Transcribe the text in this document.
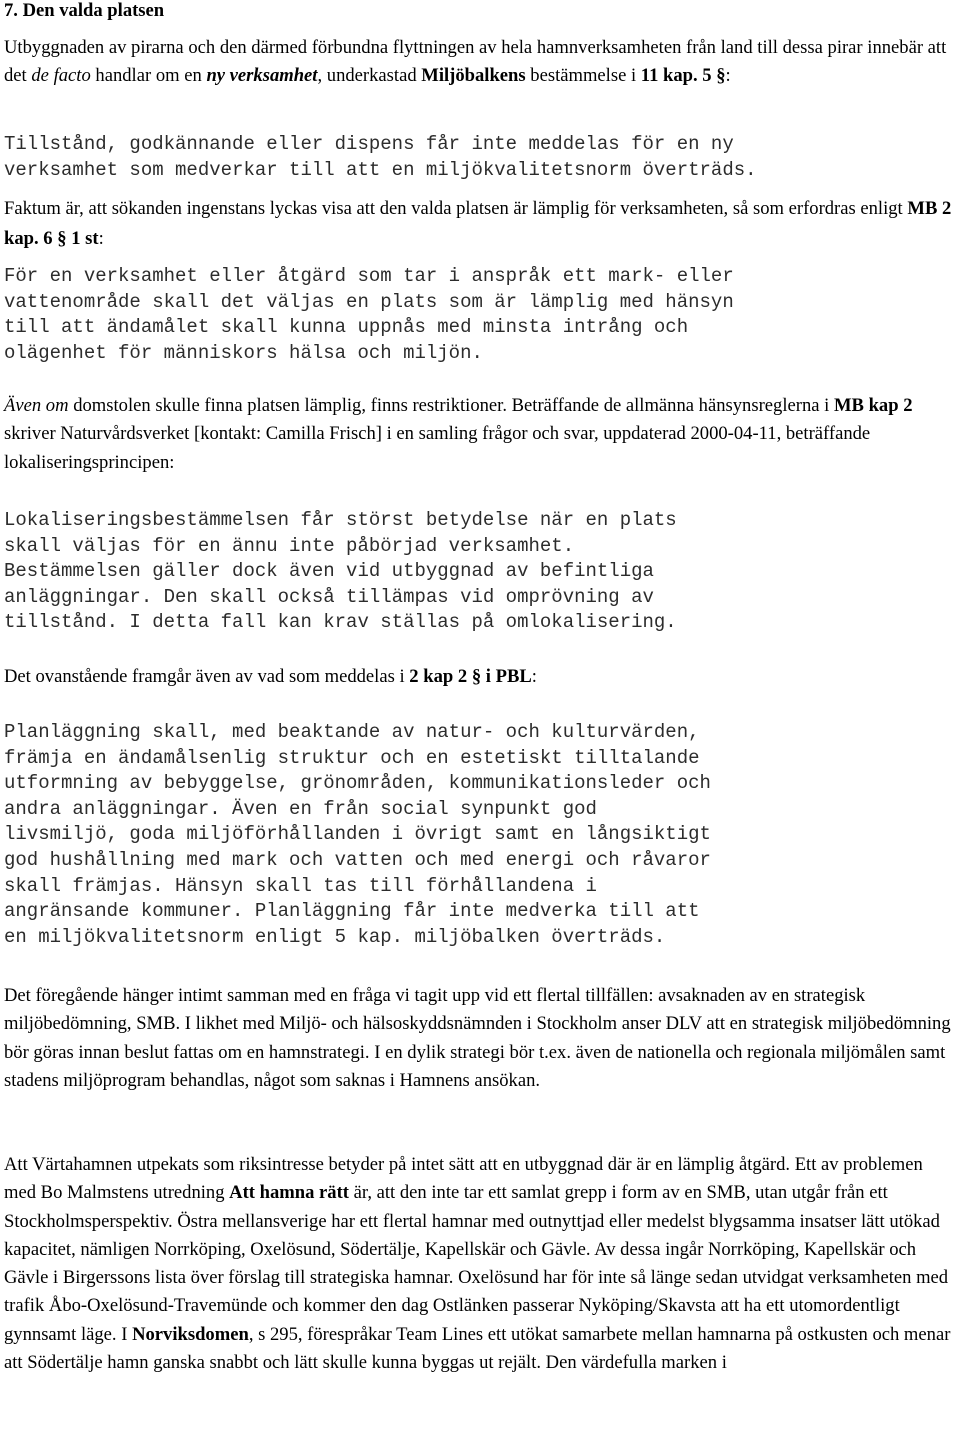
7. Den valda platsen

Utbyggnaden av pirarna och den därmed förbundna flyttningen av hela hamnverksamheten från land till dessa pirar innebär att det de facto handlar om en ny verksamhet, underkastad Miljöbalkens bestämmelse i 11 kap. 5 §:

Tillstånd, godkännande eller dispens får inte meddelas för en ny
verksamhet som medverkar till att en miljökvalitetsnorm överträds.

Faktum är, att sökanden ingenstans lyckas visa att den valda platsen är lämplig för verksamheten, så som erfordras enligt MB 2 kap. 6 § 1 st:

För en verksamhet eller åtgärd som tar i anspråk ett mark- eller
vattenområde skall det väljas en plats som är lämplig med hänsyn
till att ändamålet skall kunna uppnås med minsta intrång och
olägenhet för människors hälsa och miljön.

Även om domstolen skulle finna platsen lämplig, finns restriktioner. Beträffande de allmänna hänsynsreglerna i MB kap 2 skriver Naturvårdsverket [kontakt: Camilla Frisch] i en samling frågor och svar, uppdaterad 2000-04-11, beträffande lokaliseringsprincipen:

Lokaliseringsbestämmelsen får störst betydelse när en plats
skall väljas för en ännu inte påbörjad verksamhet.
Bestämmelsen gäller dock även vid utbyggnad av befintliga
anläggningar. Den skall också tillämpas vid omprövning av
tillstånd. I detta fall kan krav ställas på omlokalisering.

Det ovanstående framgår även av vad som meddelas i 2 kap 2 § i PBL:

Planläggning skall, med beaktande av natur- och kulturvärden,
främja en ändamålsenlig struktur och en estetiskt tilltalande
utformning av bebyggelse, grönområden, kommunikationsleder och
andra anläggningar. Även en från social synpunkt god
livsmiljö, goda miljöförhållanden i övrigt samt en långsiktigt
god hushållning med mark och vatten och med energi och råvaror
skall främjas. Hänsyn skall tas till förhållandena i
angränsande kommuner. Planläggning får inte medverka till att
en miljökvalitetsnorm enligt 5 kap. miljöbalken överträds.

Det föregående hänger intimt samman med en fråga vi tagit upp vid ett flertal tillfällen: avsaknaden av en strategisk miljöbedömning, SMB. I likhet med Miljö- och hälsoskyddsnämnden i Stockholm anser DLV att en strategisk miljöbedömning bör göras innan beslut fattas om en hamnstrategi. I en dylik strategi bör t.ex. även de nationella och regionala miljömålen samt stadens miljöprogram behandlas, något som saknas i Hamnens ansökan.

Att Värtahamnen utpekats som riksintresse betyder på intet sätt att en utbyggnad där är en lämplig åtgärd. Ett av problemen med Bo Malmstens utredning Att hamna rätt är, att den inte tar ett samlat grepp i form av en SMB, utan utgår från ett Stockholmsperspektiv. Östra mellansverige har ett flertal hamnar med outnyttjad eller medelst blygsamma insatser lätt utökad kapacitet, nämligen Norrköping, Oxelösund, Södertälje, Kapellskär och Gävle. Av dessa ingår Norrköping, Kapellskär och Gävle i Birgerssons lista över förslag till strategiska hamnar. Oxelösund har för inte så länge sedan utvidgat verksamheten med trafik Åbo-Oxelösund-Travemünde och kommer den dag Ostlänken passerar Nyköping/Skavsta att ha ett utomordentligt gynnsamt läge. I Norviksdomen, s 295, förespråkar Team Lines ett utökat samarbete mellan hamnarna på ostkusten och menar att Södertälje hamn ganska snabbt och lätt skulle kunna byggas ut rejält. Den värdefulla marken i
